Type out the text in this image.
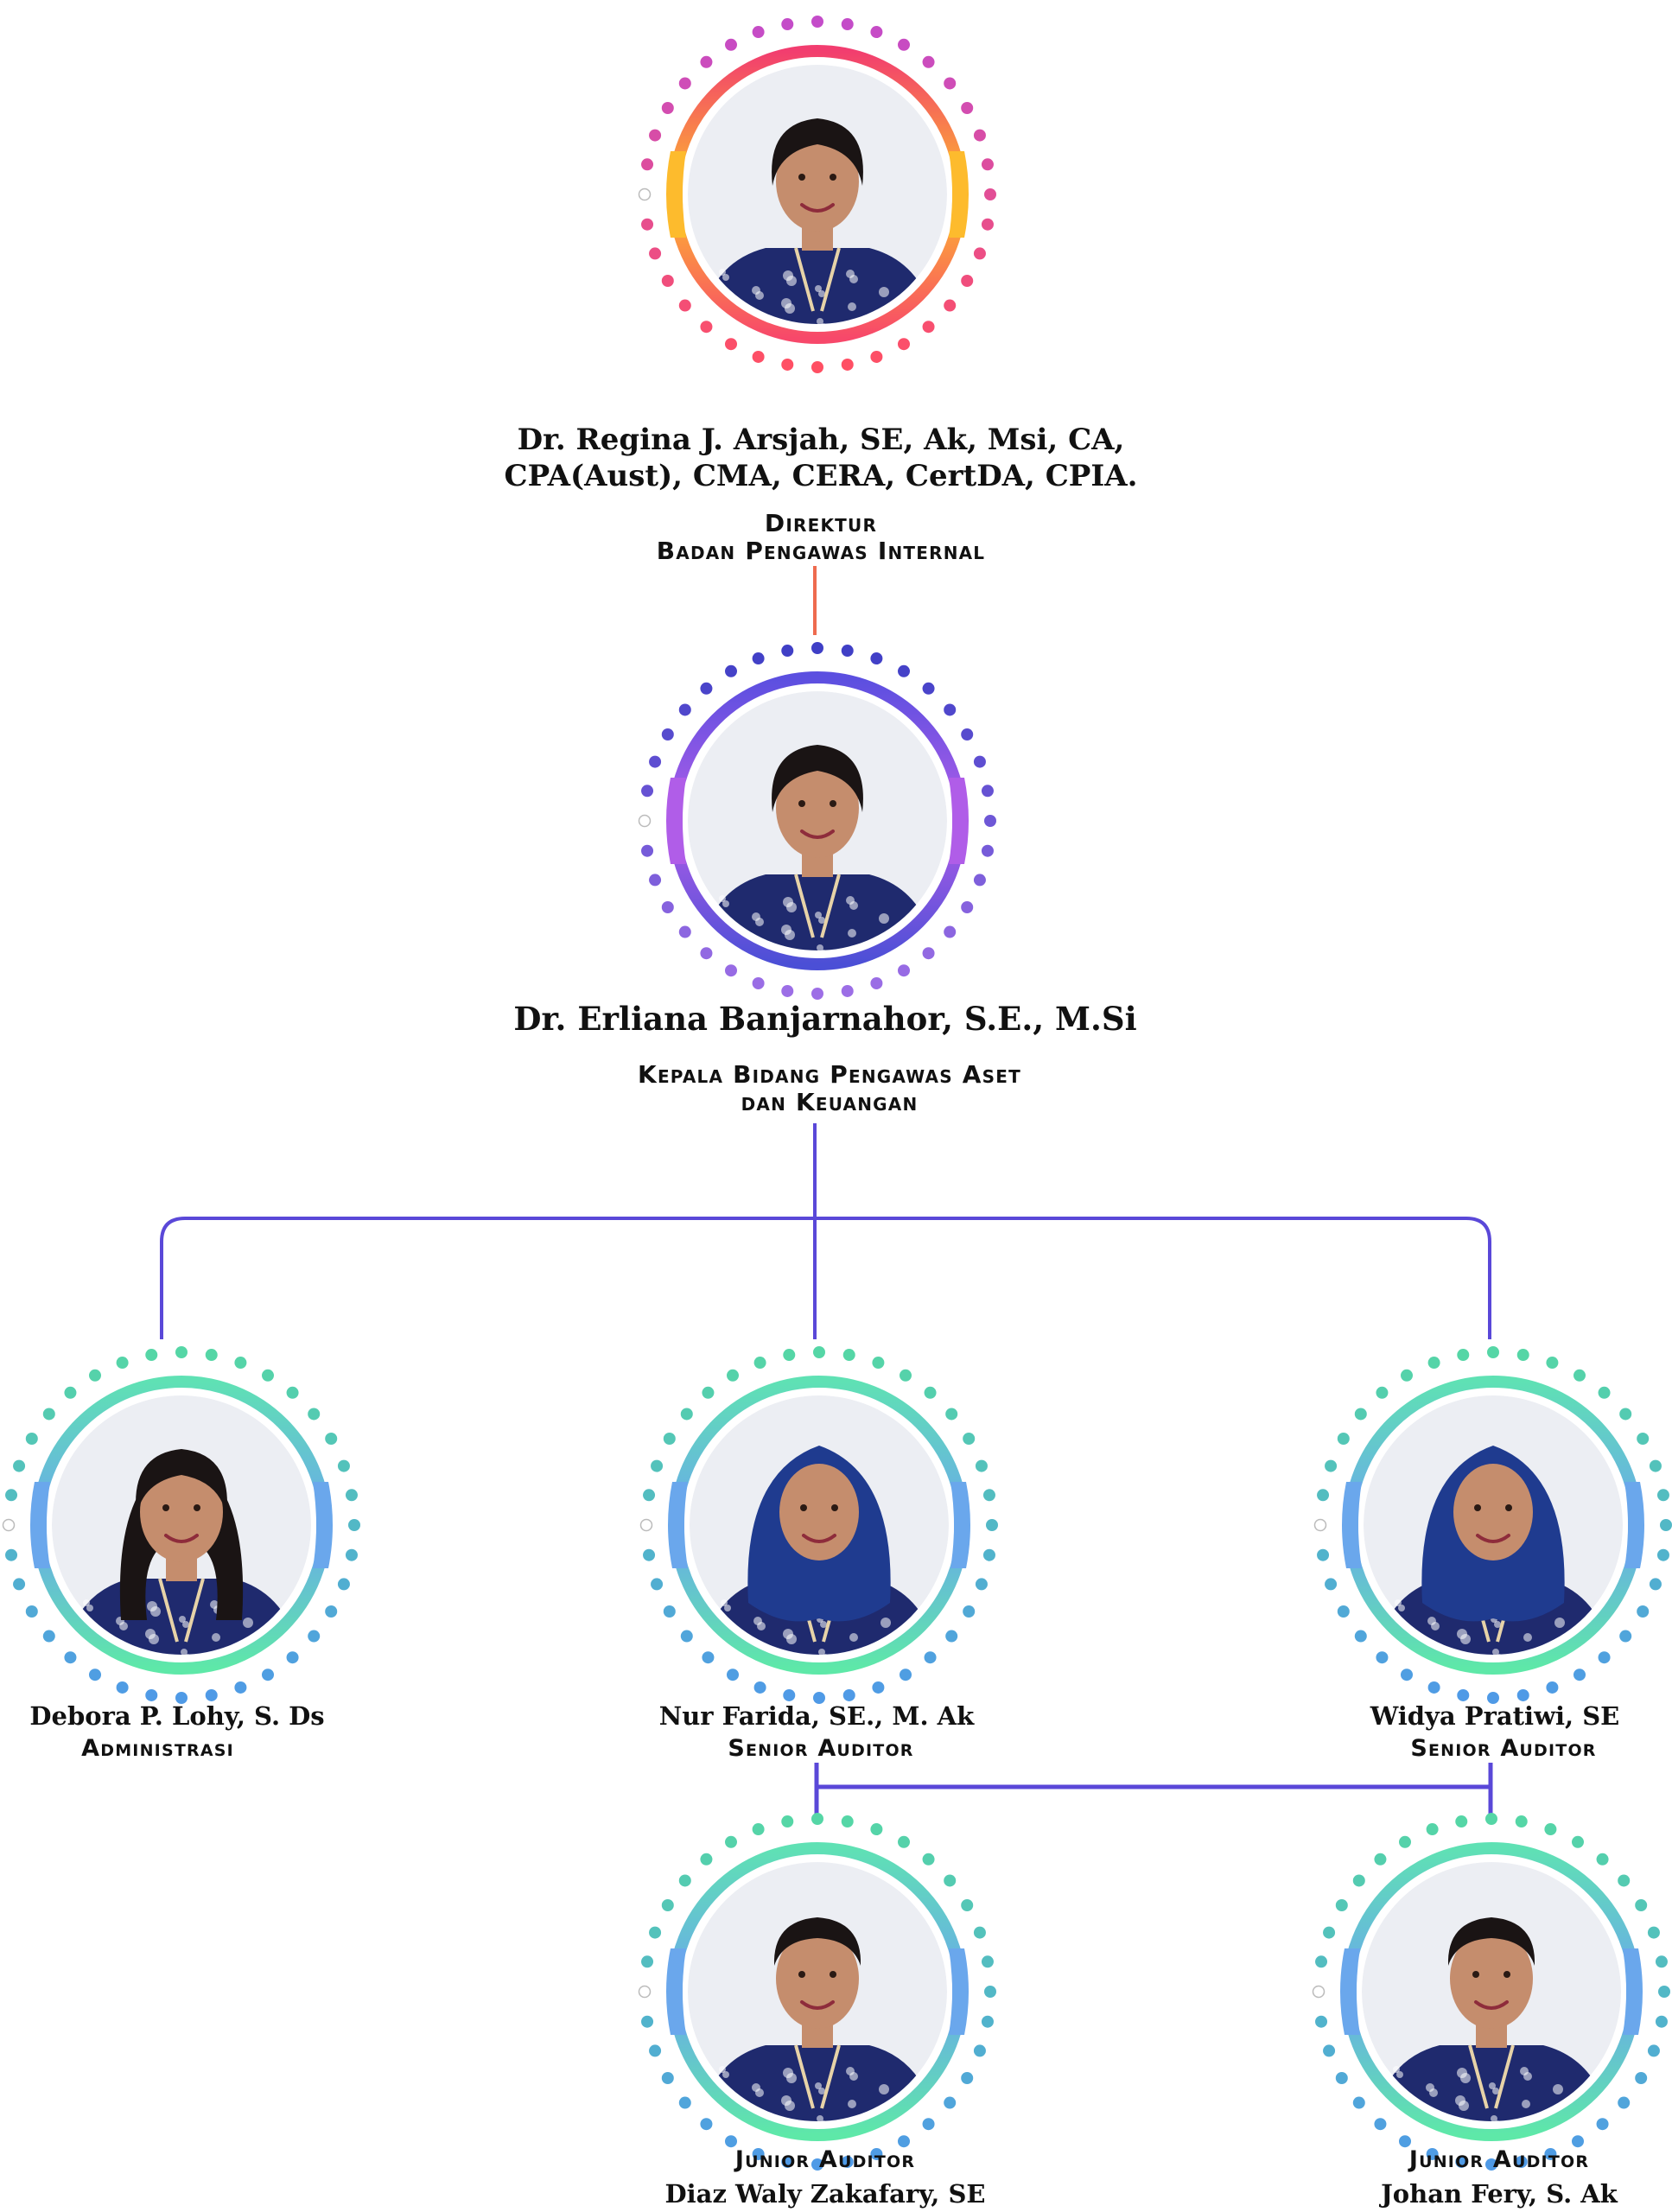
Dr. Regina J. Arsjah, SE, Ak, Msi, CA,
CPA(Aust), CMA, CERA, CertDA, CPIA.
Direktur
Badan Pengawas Internal
Dr. Erliana Banjarnahor, S.E., M.Si
Kepala Bidang Pengawas Aset
dan Keuangan
Debora P. Lohy, S. Ds
Administrasi
Nur Farida, SE., M. Ak
Senior Auditor
Widya Pratiwi, SE
Senior Auditor
Junior Auditor
Diaz Waly Zakafary, SE
Junior Auditor
Johan Fery, S. Ak
